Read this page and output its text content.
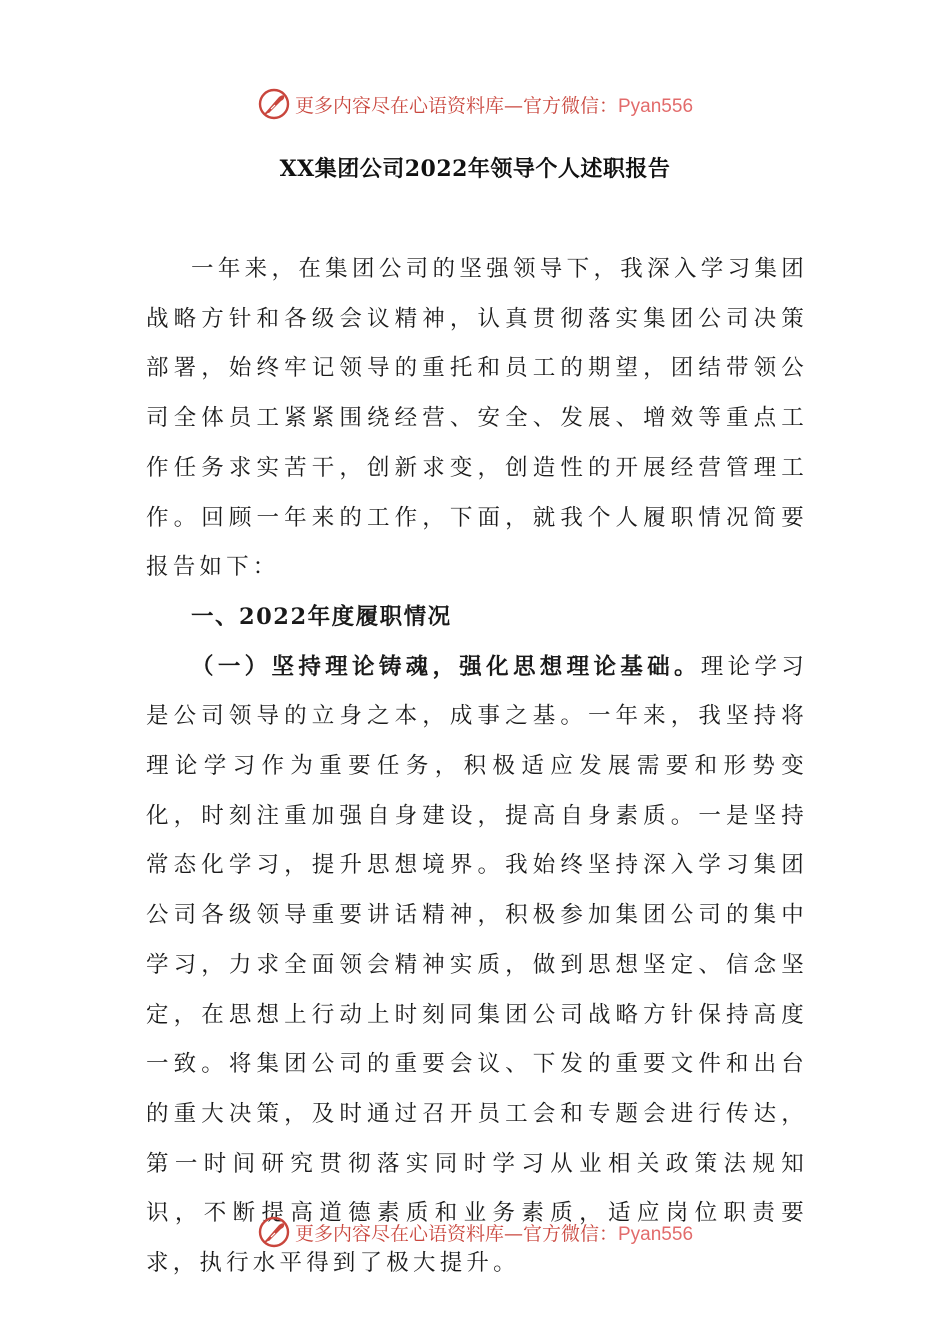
更多内容尽在心语资料库—官方微信：Pyan556
XX集团公司2022年领导个人述职报告

一年来，在集团公司的坚强领导下，我深入学习集团战略方针和各级会议精神，认真贯彻落实集团公司决策部署，始终牢记领导的重托和员工的期望，团结带领公司全体员工紧紧围绕经营、安全、发展、增效等重点工作任务求实苦干，创新求变，创造性的开展经营管理工作。回顾一年来的工作，下面，就我个人履职情况简要报告如下：

一、2022年度履职情况

（一）坚持理论铸魂，强化思想理论基础。理论学习是公司领导的立身之本，成事之基。一年来，我坚持将理论学习作为重要任务，积极适应发展需要和形势变化，时刻注重加强自身建设，提高自身素质。一是坚持常态化学习，提升思想境界。我始终坚持深入学习集团公司各级领导重要讲话精神，积极参加集团公司的集中学习，力求全面领会精神实质，做到思想坚定、信念坚定，在思想上行动上时刻同集团公司战略方针保持高度一致。将集团公司的重要会议、下发的重要文件和出台的重大决策，及时通过召开员工会和专题会进行传达，第一时间研究贯彻落实同时学习从业相关政策法规知识，不断提高道德素质和业务素质，适应岗位职责要求，执行水平得到了极大提升。

更多内容尽在心语资料库—官方微信：Pyan556
